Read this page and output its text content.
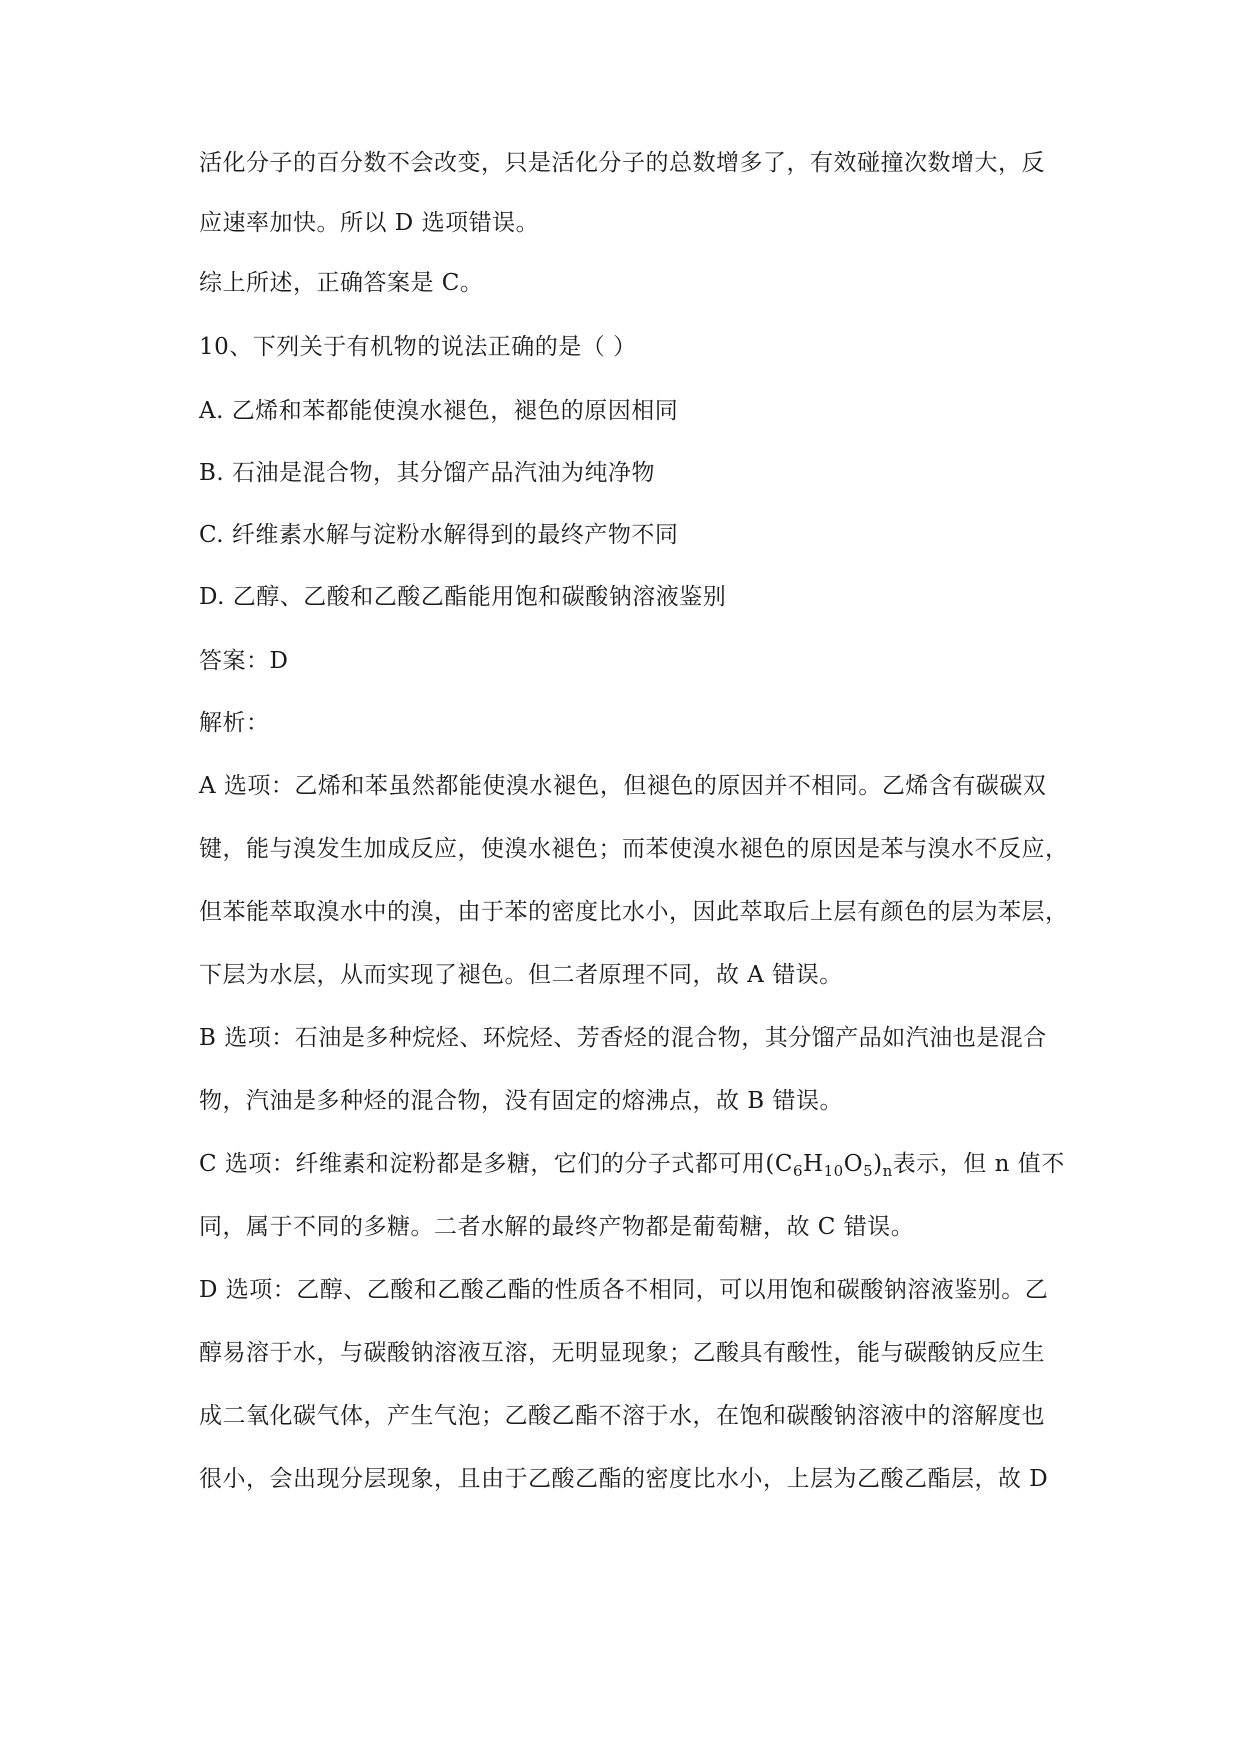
活化分子的百分数不会改变，只是活化分子的总数增多了，有效碰撞次数增大，反
应速率加快。所以 D 选项错误。
综上所述，正确答案是 C。
10、下列关于有机物的说法正确的是（ ）
A. 乙烯和苯都能使溴水褪色，褪色的原因相同
B. 石油是混合物，其分馏产品汽油为纯净物
C. 纤维素水解与淀粉水解得到的最终产物不同
D. 乙醇、乙酸和乙酸乙酯能用饱和碳酸钠溶液鉴别
答案：D
解析：
A 选项：乙烯和苯虽然都能使溴水褪色，但褪色的原因并不相同。乙烯含有碳碳双
键，能与溴发生加成反应，使溴水褪色；而苯使溴水褪色的原因是苯与溴水不反应，
但苯能萃取溴水中的溴，由于苯的密度比水小，因此萃取后上层有颜色的层为苯层，
下层为水层，从而实现了褪色。但二者原理不同，故 A 错误。
B 选项：石油是多种烷烃、环烷烃、芳香烃的混合物，其分馏产品如汽油也是混合
物，汽油是多种烃的混合物，没有固定的熔沸点，故 B 错误。
C 选项：纤维素和淀粉都是多糖，它们的分子式都可用$(C_6H_{10}O_5)_n$表示，但 n 值不
同，属于不同的多糖。二者水解的最终产物都是葡萄糖，故 C 错误。
D 选项：乙醇、乙酸和乙酸乙酯的性质各不相同，可以用饱和碳酸钠溶液鉴别。乙
醇易溶于水，与碳酸钠溶液互溶，无明显现象；乙酸具有酸性，能与碳酸钠反应生
成二氧化碳气体，产生气泡；乙酸乙酯不溶于水，在饱和碳酸钠溶液中的溶解度也
很小，会出现分层现象，且由于乙酸乙酯的密度比水小，上层为乙酸乙酯层，故 D
